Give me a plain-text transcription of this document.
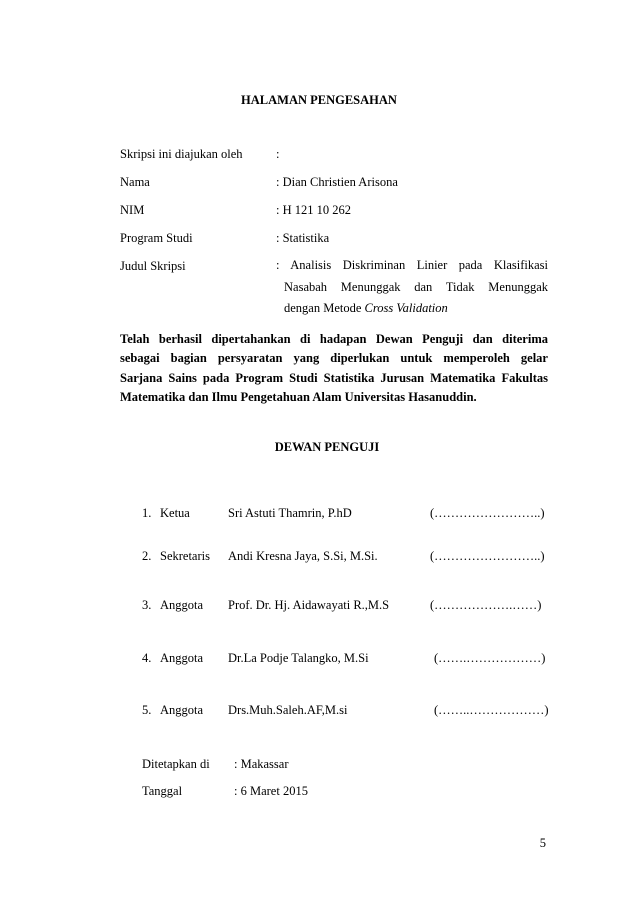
HALAMAN PENGESAHAN
Skripsi ini diajukan oleh	:
Nama	: Dian Christien Arisona
NIM	: H 121 10 262
Program Studi	: Statistika
Judul Skripsi	: Analisis Diskriminan Linier pada Klasifikasi
Nasabah Menunggak dan Tidak Menunggak
dengan Metode Cross Validation
Telah berhasil dipertahankan di hadapan Dewan Penguji dan diterima
sebagai bagian persyaratan yang diperlukan untuk memperoleh gelar
Sarjana Sains pada Program Studi Statistika Jurusan Matematika Fakultas
Matematika dan Ilmu Pengetahuan Alam Universitas Hasanuddin.
DEWAN PENGUJI
1. Ketua	Sri Astuti Thamrin, P.hD	(……………………..)
2. Sekretaris Andi Kresna Jaya, S.Si, M.Si.	(……………………..)
3. Anggota Prof. Dr. Hj. Aidawayati R.,M.S	(……………….……)
4. Anggota Dr.La Podje Talangko, M.Si	(…….………………)
5. Anggota Drs.Muh.Saleh.AF,M.si	(……..………………)
Ditetapkan di : Makassar
Tanggal	: 6 Maret 2015
5
